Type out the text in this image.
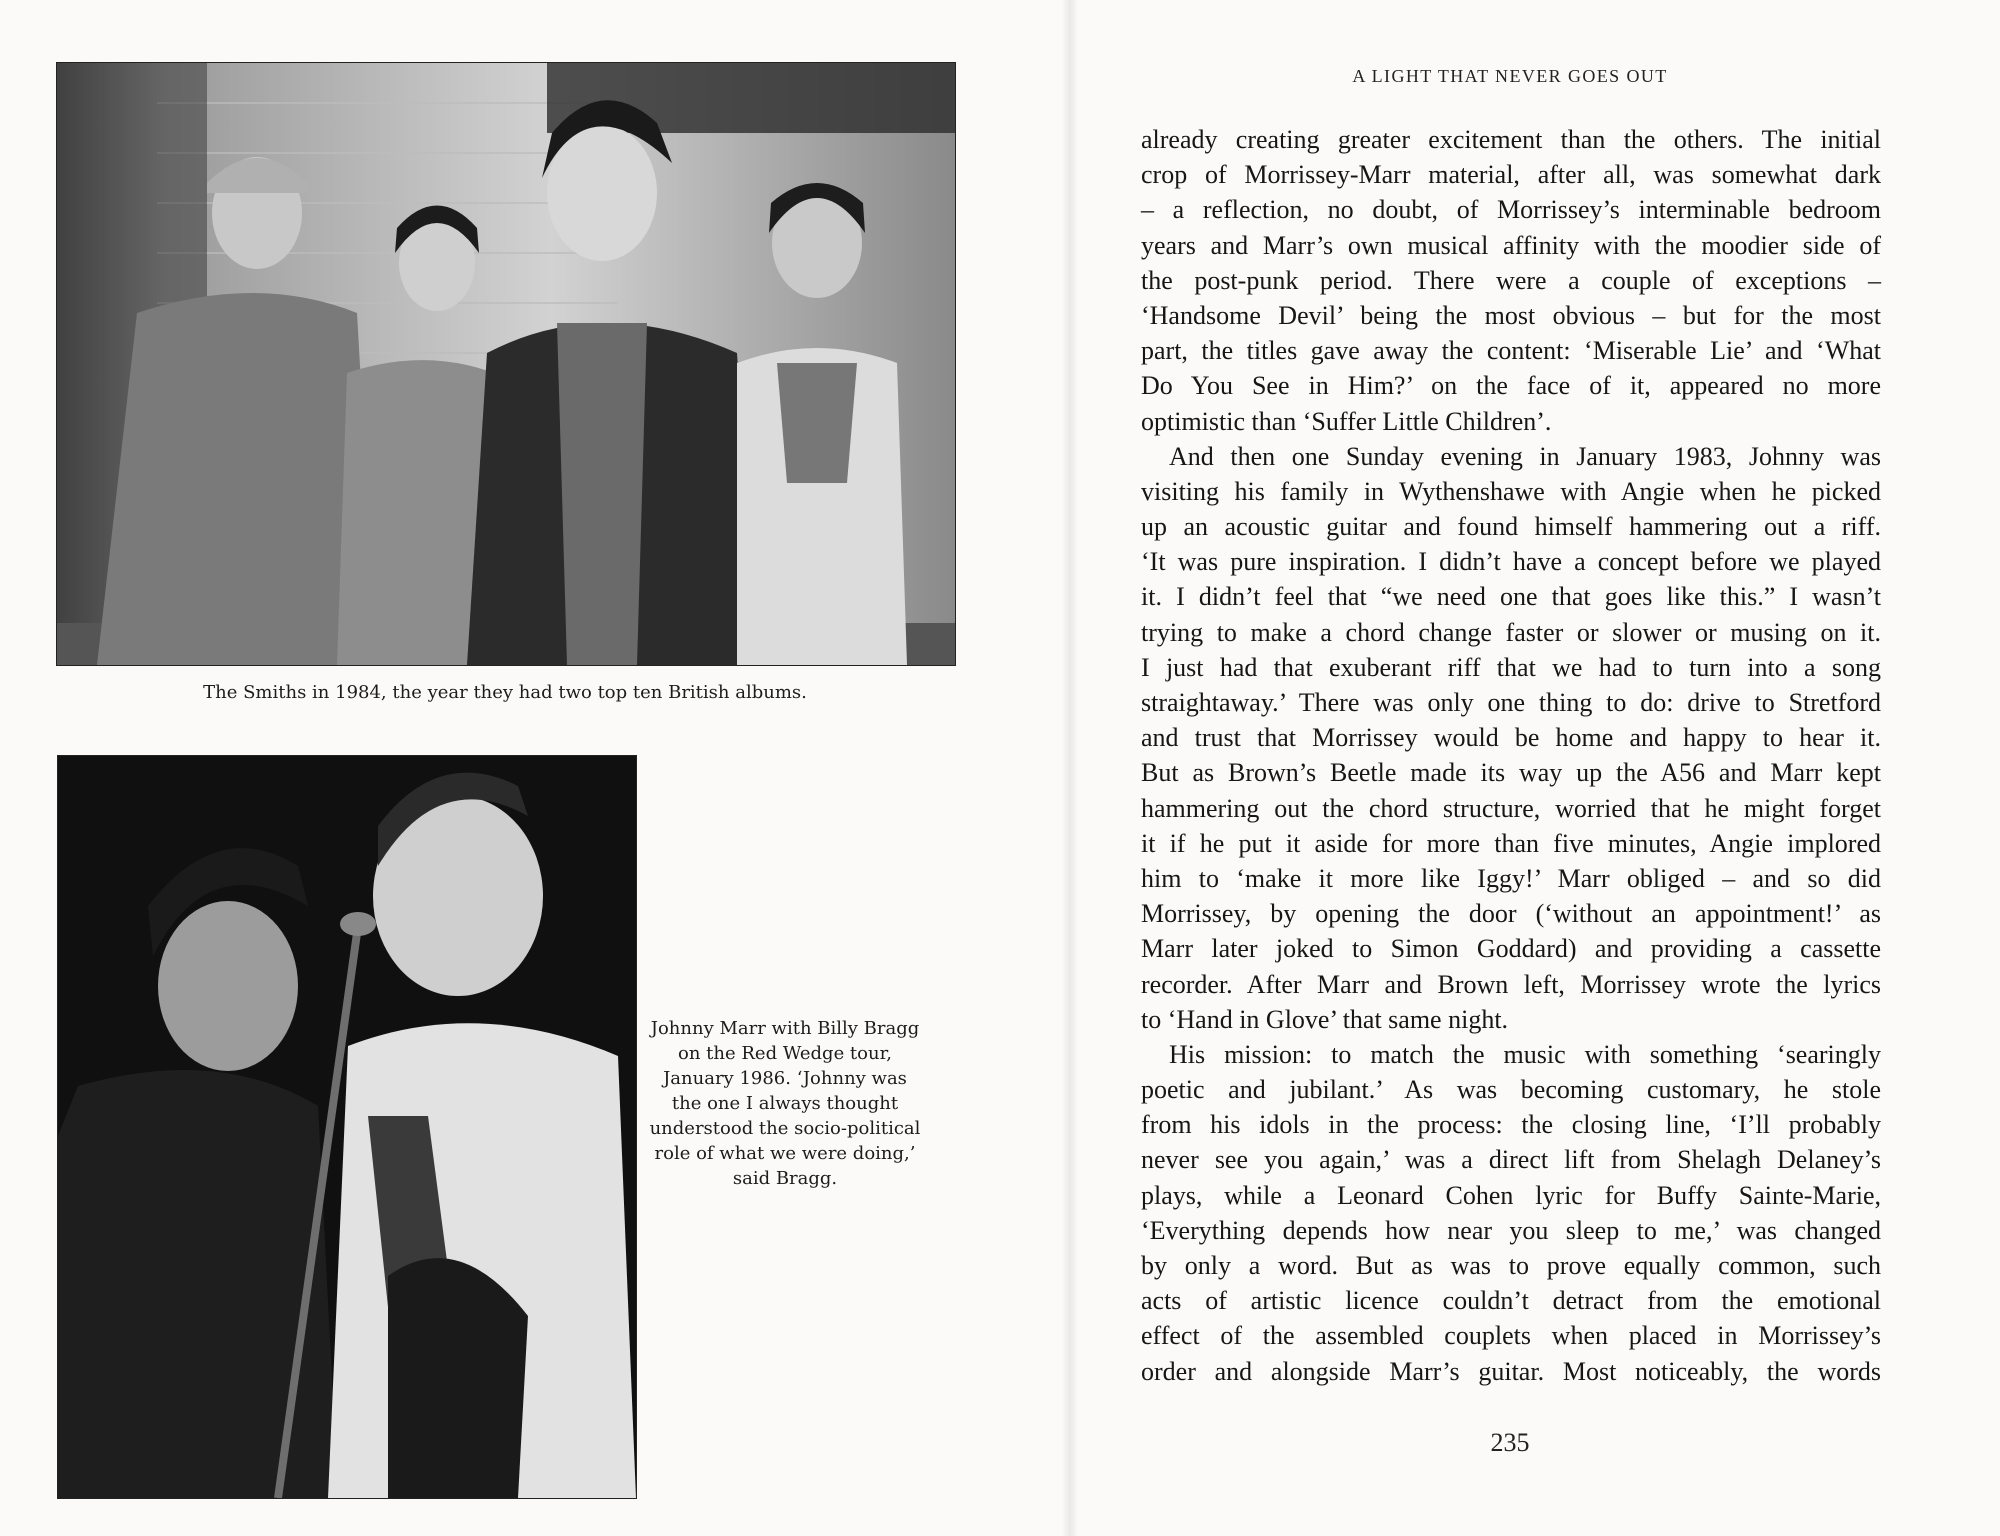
The Smiths in 1984, the year they had two top ten British albums.
Johnny Marr with Billy Bragg
on the Red Wedge tour,
January 1986. ‘Johnny was
the one I always thought
understood the socio-political
role of what we were doing,’
said Bragg.
A LIGHT THAT NEVER GOES OUT
already creating greater excitement than the others. The initial
crop of Morrissey-Marr material, after all, was somewhat dark
– a reflection, no doubt, of Morrissey’s interminable bedroom
years and Marr’s own musical affinity with the moodier side of
the post-punk period. There were a couple of exceptions –
‘Handsome Devil’ being the most obvious – but for the most
part, the titles gave away the content: ‘Miserable Lie’ and ‘What
Do You See in Him?’ on the face of it, appeared no more
optimistic than ‘Suffer Little Children’.
And then one Sunday evening in January 1983, Johnny was
visiting his family in Wythenshawe with Angie when he picked
up an acoustic guitar and found himself hammering out a riff.
‘It was pure inspiration. I didn’t have a concept before we played
it. I didn’t feel that “we need one that goes like this.” I wasn’t
trying to make a chord change faster or slower or musing on it.
I just had that exuberant riff that we had to turn into a song
straightaway.’ There was only one thing to do: drive to Stretford
and trust that Morrissey would be home and happy to hear it.
But as Brown’s Beetle made its way up the A56 and Marr kept
hammering out the chord structure, worried that he might forget
it if he put it aside for more than five minutes, Angie implored
him to ‘make it more like Iggy!’ Marr obliged – and so did
Morrissey, by opening the door (‘without an appointment!’ as
Marr later joked to Simon Goddard) and providing a cassette
recorder. After Marr and Brown left, Morrissey wrote the lyrics
to ‘Hand in Glove’ that same night.
His mission: to match the music with something ‘searingly
poetic and jubilant.’ As was becoming customary, he stole
from his idols in the process: the closing line, ‘I’ll probably
never see you again,’ was a direct lift from Shelagh Delaney’s
plays, while a Leonard Cohen lyric for Buffy Sainte-Marie,
‘Everything depends how near you sleep to me,’ was changed
by only a word. But as was to prove equally common, such
acts of artistic licence couldn’t detract from the emotional
effect of the assembled couplets when placed in Morrissey’s
order and alongside Marr’s guitar. Most noticeably, the words
235
